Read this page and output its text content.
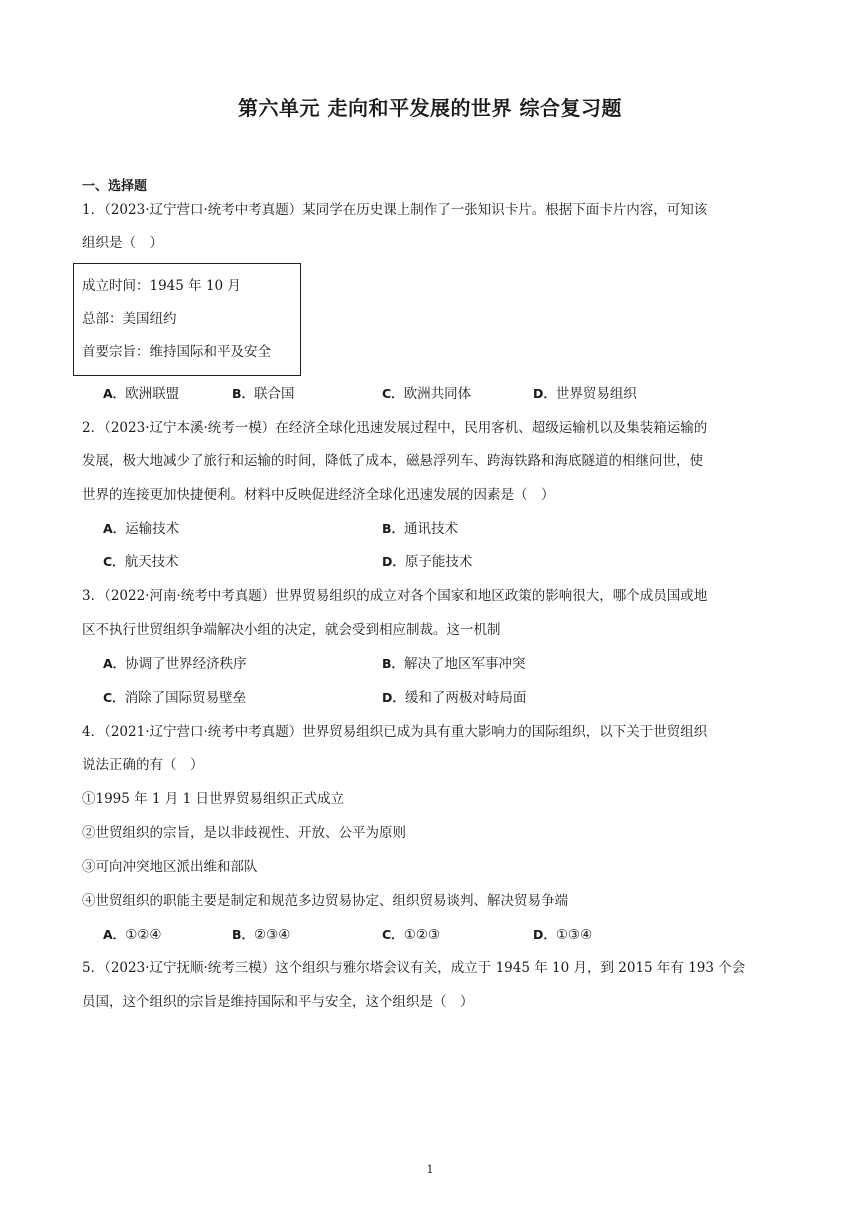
第六单元 走向和平发展的世界 综合复习题
一、选择题
1．（2023·辽宁营口·统考中考真题）某同学在历史课上制作了一张知识卡片。根据下面卡片内容，可知该
组织是（　）
成立时间：1945 年 10 月
总部：美国纽约
首要宗旨：维持国际和平及安全
A．欧洲联盟	B．联合国	C．欧洲共同体	D．世界贸易组织
2．（2023·辽宁本溪·统考一模）在经济全球化迅速发展过程中，民用客机、超级运输机以及集装箱运输的
发展，极大地减少了旅行和运输的时间，降低了成本，磁悬浮列车、跨海铁路和海底隧道的相继问世，使
世界的连接更加快捷便利。材料中反映促进经济全球化迅速发展的因素是（　）
A．运输技术	B．通讯技术
C．航天技术	D．原子能技术
3．（2022·河南·统考中考真题）世界贸易组织的成立对各个国家和地区政策的影响很大，哪个成员国或地
区不执行世贸组织争端解决小组的决定，就会受到相应制裁。这一机制
A．协调了世界经济秩序	B．解决了地区军事冲突
C．消除了国际贸易壁垒	D．缓和了两极对峙局面
4．（2021·辽宁营口·统考中考真题）世界贸易组织已成为具有重大影响力的国际组织，以下关于世贸组织
说法正确的有（　）
①1995 年 1 月 1 日世界贸易组织正式成立
②世贸组织的宗旨，是以非歧视性、开放、公平为原则
③可向冲突地区派出维和部队
④世贸组织的职能主要是制定和规范多边贸易协定、组织贸易谈判、解决贸易争端
A．①②④	B．②③④	C．①②③	D．①③④
5．（2023·辽宁抚顺·统考三模）这个组织与雅尔塔会议有关，成立于 1945 年 10 月，到 2015 年有 193 个会
员国，这个组织的宗旨是维持国际和平与安全，这个组织是（　）
1
